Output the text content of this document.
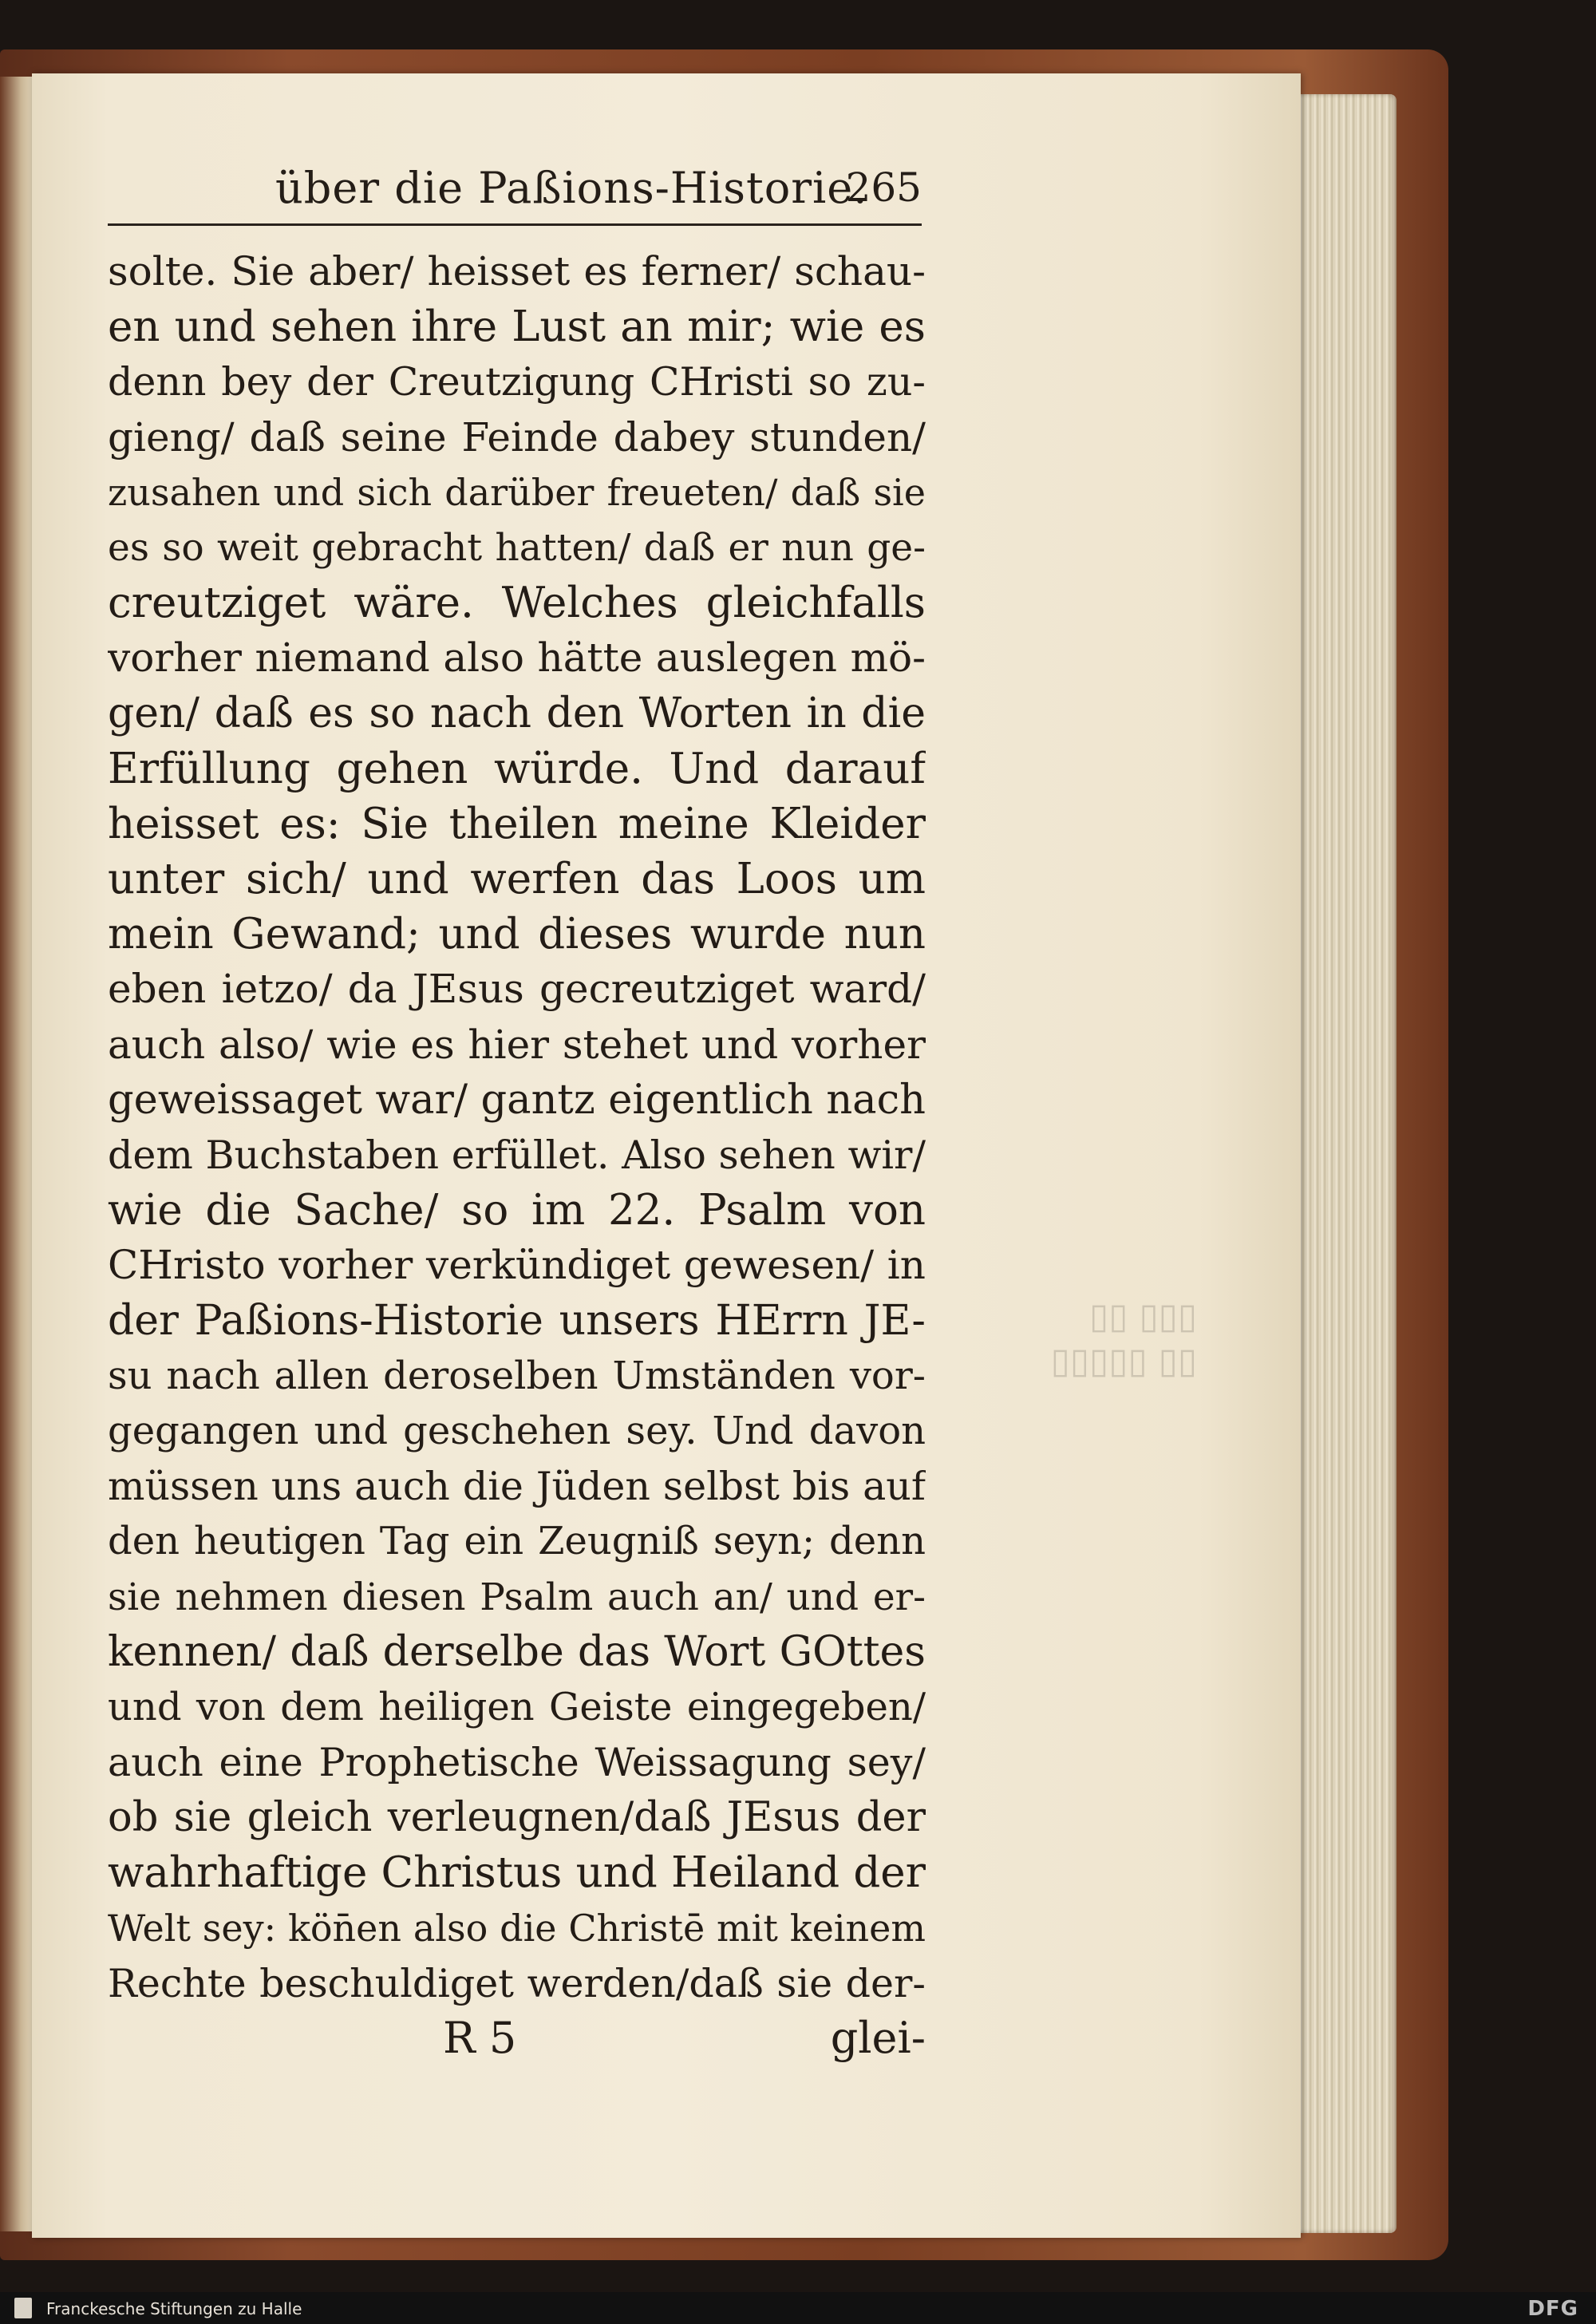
▯▯▯ ▯▯
▯▯ ▯▯▯▯▯
über die Paßions-Historie.
265
solte. Sie aber/ heisset es ferner/ schau-
en und sehen ihre Lust an mir; wie es
denn bey der Creutzigung CHristi so zu-
gieng/ daß seine Feinde dabey stunden/
zusahen und sich darüber freueten/ daß sie
es so weit gebracht hatten/ daß er nun ge-
creutziget wäre. Welches gleichfalls
vorher niemand also hätte auslegen mö-
gen/ daß es so nach den Worten in die
Erfüllung gehen würde. Und darauf
heisset es: Sie theilen meine Kleider
unter sich/ und werfen das Loos um
mein Gewand; und dieses wurde nun
eben ietzo/ da JEsus gecreutziget ward/
auch also/ wie es hier stehet und vorher
geweissaget war/ gantz eigentlich nach
dem Buchstaben erfüllet. Also sehen wir/
wie die Sache/ so im 22. Psalm von
CHristo vorher verkündiget gewesen/ in
der Paßions-Historie unsers HErrn JE-
su nach allen deroselben Umständen vor-
gegangen und geschehen sey. Und davon
müssen uns auch die Jüden selbst bis auf
den heutigen Tag ein Zeugniß seyn; denn
sie nehmen diesen Psalm auch an/ und er-
kennen/ daß derselbe das Wort GOttes
und von dem heiligen Geiste eingegeben/
auch eine Prophetische Weissagung sey/
ob sie gleich verleugnen/daß JEsus der
wahrhaftige Christus und Heiland der
Welt sey: kön̄en also die Christē mit keinem
Rechte beschuldiget werden/daß sie der-
R 5	glei-
Franckesche Stiftungen zu Halle	DFG
